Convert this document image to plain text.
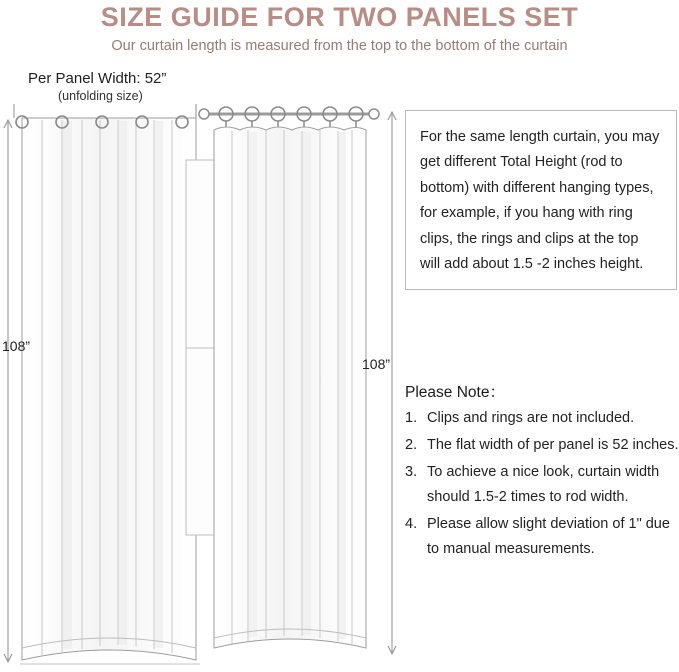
SIZE GUIDE FOR TWO PANELS SET
Our curtain length is measured from the top to the bottom of the curtain
Per Panel Width: 52”
(unfolding size)
108”
108”

For the same length curtain, you may get different Total Height (rod to bottom) with different hanging types, for example, if you hang with ring clips, the rings and clips at the top will add about 1.5 -2 inches height.

Please Note：
1. Clips and rings are not included.
2. The flat width of per panel is 52 inches.
3. To achieve a nice look, curtain width should 1.5-2 times to rod width.
4. Please allow slight deviation of 1" due to manual measurements.
